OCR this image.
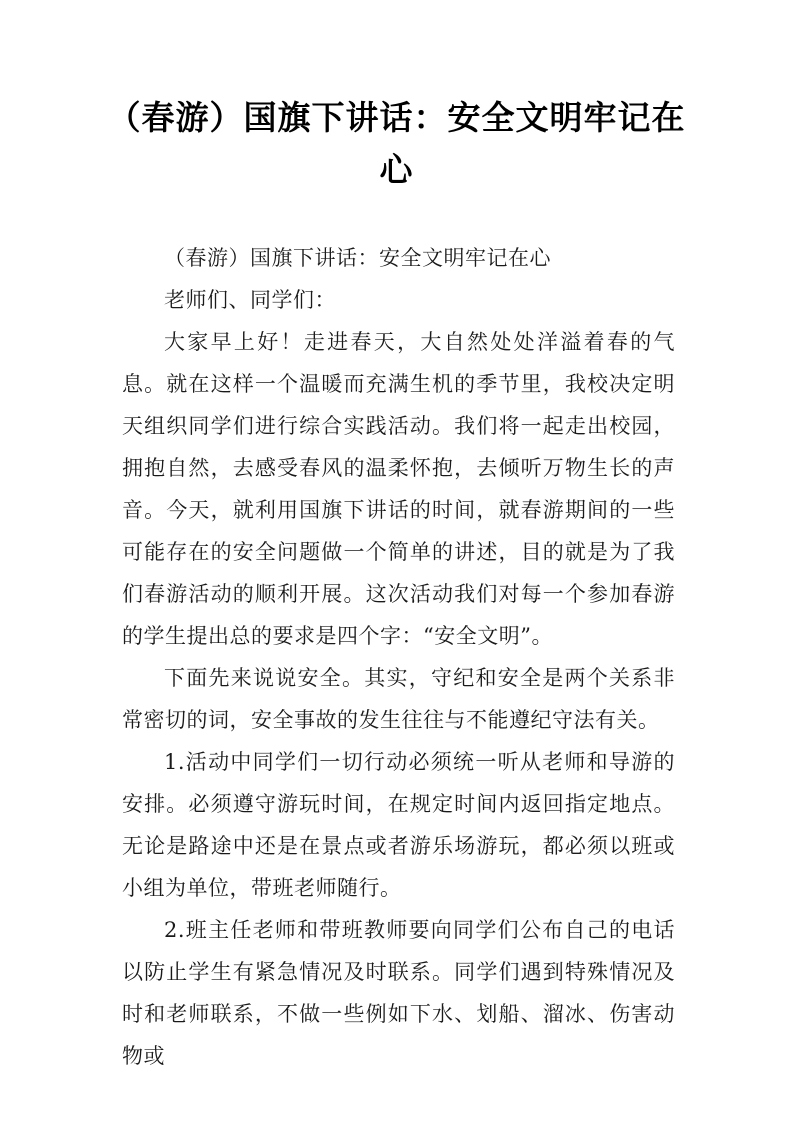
（春游）国旗下讲话：安全文明牢记在心

（春游）国旗下讲话：安全文明牢记在心

老师们、同学们：

大家早上好！走进春天，大自然处处洋溢着春的气息。就在这样一个温暖而充满生机的季节里，我校决定明天组织同学们进行综合实践活动。我们将一起走出校园，拥抱自然，去感受春风的温柔怀抱，去倾听万物生长的声音。今天，就利用国旗下讲话的时间，就春游期间的一些可能存在的安全问题做一个简单的讲述，目的就是为了我们春游活动的顺利开展。这次活动我们对每一个参加春游的学生提出总的要求是四个字：“安全文明”。

下面先来说说安全。其实，守纪和安全是两个关系非常密切的词，安全事故的发生往往与不能遵纪守法有关。

1.活动中同学们一切行动必须统一听从老师和导游的安排。必须遵守游玩时间，在规定时间内返回指定地点。无论是路途中还是在景点或者游乐场游玩，都必须以班或小组为单位，带班老师随行。

2.班主任老师和带班教师要向同学们公布自己的电话以防止学生有紧急情况及时联系。同学们遇到特殊情况及时和老师联系，不做一些例如下水、划船、溜冰、伤害动物或
